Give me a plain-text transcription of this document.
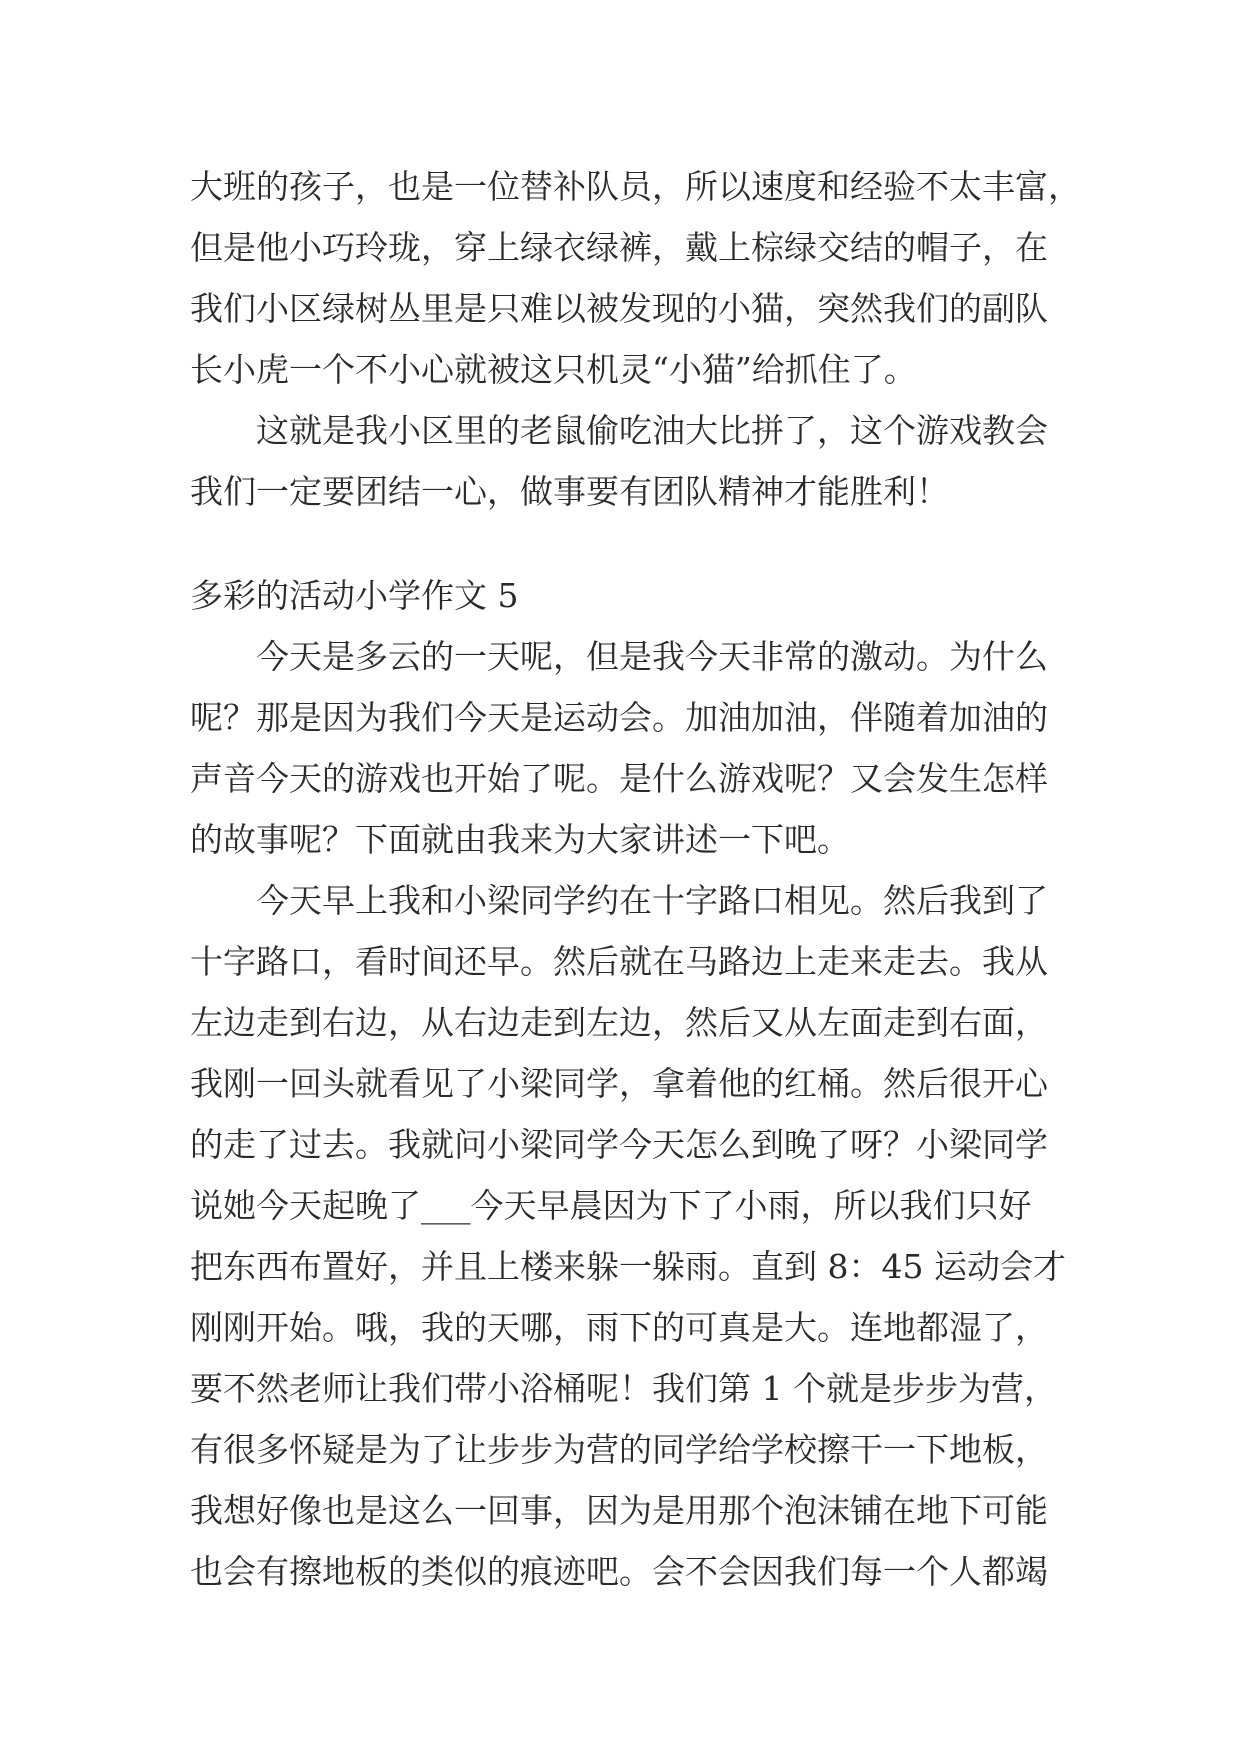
大班的孩子，也是一位替补队员，所以速度和经验不太丰富，
但是他小巧玲珑，穿上绿衣绿裤，戴上棕绿交结的帽子，在
我们小区绿树丛里是只难以被发现的小猫，突然我们的副队
长小虎一个不小心就被这只机灵“小猫”给抓住了。
这就是我小区里的老鼠偷吃油大比拼了，这个游戏教会
我们一定要团结一心，做事要有团队精神才能胜利！
多彩的活动小学作文 5
今天是多云的一天呢，但是我今天非常的激动。为什么
呢？那是因为我们今天是运动会。加油加油，伴随着加油的
声音今天的游戏也开始了呢。是什么游戏呢？又会发生怎样
的故事呢？下面就由我来为大家讲述一下吧。
今天早上我和小梁同学约在十字路口相见。然后我到了
十字路口，看时间还早。然后就在马路边上走来走去。我从
左边走到右边，从右边走到左边，然后又从左面走到右面，
我刚一回头就看见了小梁同学，拿着他的红桶。然后很开心
的走了过去。我就问小梁同学今天怎么到晚了呀？小梁同学
说她今天起晚了___今天早晨因为下了小雨，所以我们只好
把东西布置好，并且上楼来躲一躲雨。直到 8：45 运动会才
刚刚开始。哦，我的天哪，雨下的可真是大。连地都湿了，
要不然老师让我们带小浴桶呢！我们第 1 个就是步步为营，
有很多怀疑是为了让步步为营的同学给学校擦干一下地板，
我想好像也是这么一回事，因为是用那个泡沫铺在地下可能
也会有擦地板的类似的痕迹吧。会不会因我们每一个人都竭
